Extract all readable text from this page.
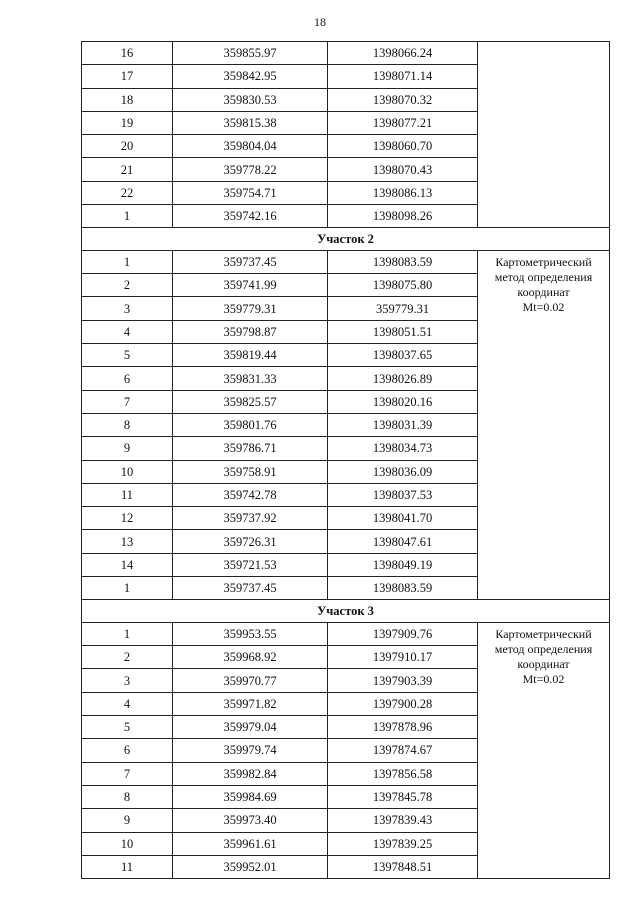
18
16	359855.97	1398066.24	
17	359842.95	1398071.14	
18	359830.53	1398070.32	
19	359815.38	1398077.21	
20	359804.04	1398060.70	
21	359778.22	1398070.43	
22	359754.71	1398086.13	
1	359742.16	1398098.26	
Участок 2			
1	359737.45	1398083.59	Картометрический
метод определения
координат
Mt=0.02

2	359741.99	1398075.80	
3	359779.31	359779.31	
4	359798.87	1398051.51	
5	359819.44	1398037.65	
6	359831.33	1398026.89	
7	359825.57	1398020.16	
8	359801.76	1398031.39	
9	359786.71	1398034.73	
10	359758.91	1398036.09	
11	359742.78	1398037.53	
12	359737.92	1398041.70	
13	359726.31	1398047.61	
14	359721.53	1398049.19	
1	359737.45	1398083.59	
Участок 3			
1	359953.55	1397909.76	Картометрический
метод определения
координат
Mt=0.02

2	359968.92	1397910.17	
3	359970.77	1397903.39	
4	359971.82	1397900.28	
5	359979.04	1397878.96	
6	359979.74	1397874.67	
7	359982.84	1397856.58	
8	359984.69	1397845.78	
9	359973.40	1397839.43	
10	359961.61	1397839.25	
11	359952.01	1397848.51	
